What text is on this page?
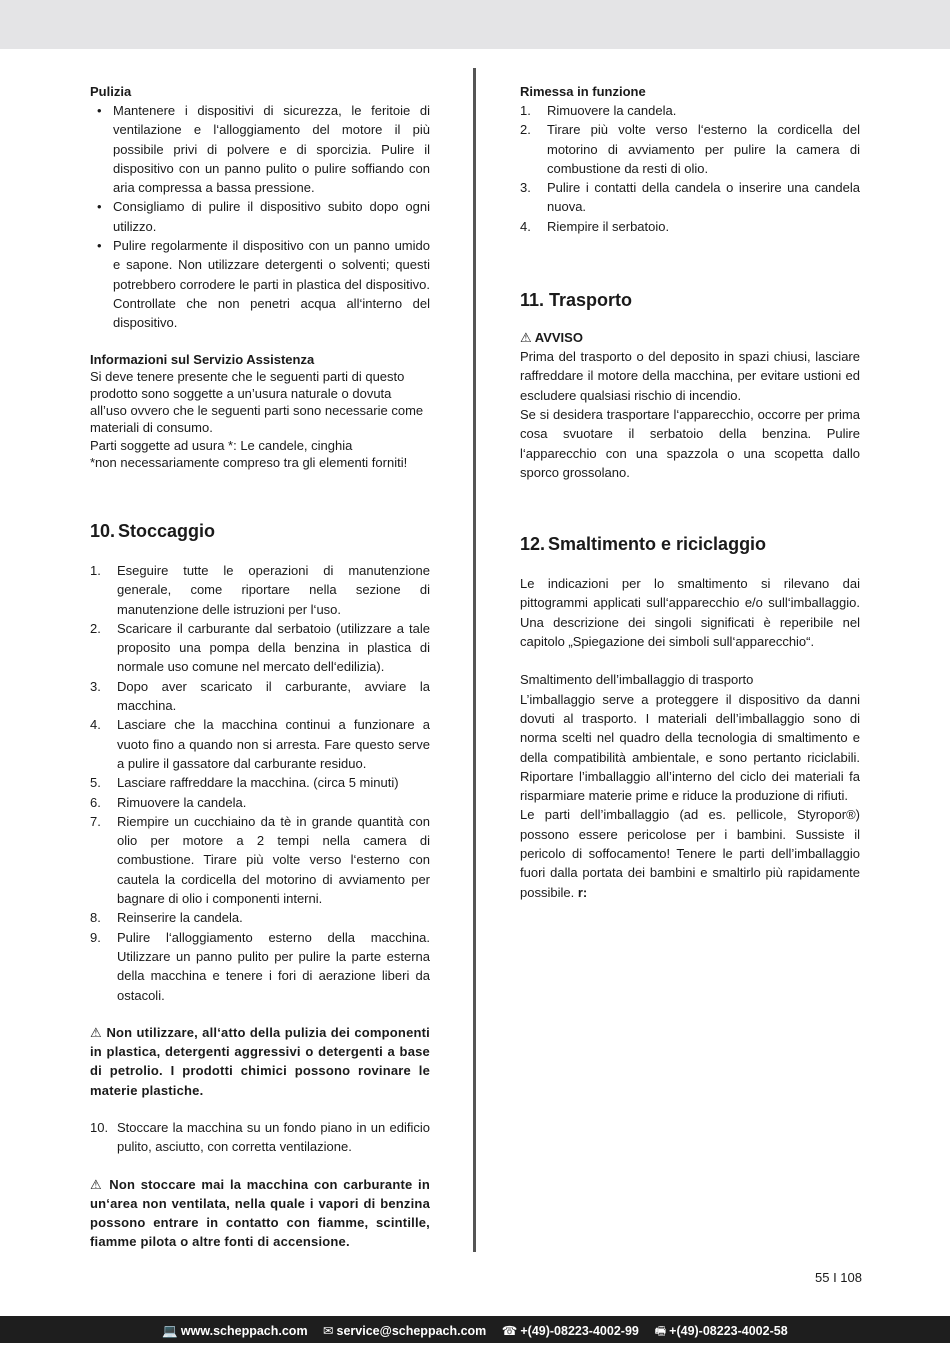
Pulizia

• Mantenere i dispositivi di sicurezza, le feritoie di ventilazione e l‘alloggiamento del motore il più possibile privi di polvere e di sporcizia. Pulire il dispositivo con un panno pulito o pulire soffiando con aria compressa a bassa pressione.
• Consigliamo di pulire il dispositivo subito dopo ogni utilizzo.
• Pulire regolarmente il dispositivo con un panno umido e sapone. Non utilizzare detergenti o solventi; questi potrebbero corrodere le parti in plastica del dispositivo. Controllate che non penetri acqua all‘interno del dispositivo.

Informazioni sul Servizio Assistenza

Si deve tenere presente che le seguenti parti di questo prodotto sono soggette a un’usura naturale o dovuta all’uso ovvero che le seguenti parti sono necessarie come materiali di consumo.

Parti soggette ad usura *: Le candele, cinghia

*non necessariamente compreso tra gli elementi forniti!

10. Stoccaggio
1. Eseguire tutte le operazioni di manutenzione generale, come riportare nella sezione di manutenzione delle istruzioni per l‘uso.
2. Scaricare il carburante dal serbatoio (utilizzare a tale proposito una pompa della benzina in plastica di normale uso comune nel mercato dell‘edilizia).
3. Dopo aver scaricato il carburante, avviare la macchina.
4. Lasciare che la macchina continui a funzionare a vuoto fino a quando non si arresta. Fare questo serve a pulire il gassatore dal carburante residuo.
5. Lasciare raffreddare la macchina. (circa 5 minuti)
6. Rimuovere la candela.
7. Riempire un cucchiaino da tè in grande quantità con olio per motore a 2 tempi nella camera di combustione. Tirare più volte verso l‘esterno con cautela la cordicella del motorino di avviamento per bagnare di olio i componenti interni.
8. Reinserire la candela.
9. Pulire l‘alloggiamento esterno della macchina. Utilizzare un panno pulito per pulire la parte esterna della macchina e tenere i fori di aerazione liberi da ostacoli.

⚠ Non utilizzare, all‘atto della pulizia dei componenti in plastica, detergenti aggressivi o detergenti a base di petrolio. I prodotti chimici possono rovinare le materie plastiche.

10. Stoccare la macchina su un fondo piano in un edificio pulito, asciutto, con corretta ventilazione.

⚠ Non stoccare mai la macchina con carburante in un‘area non ventilata, nella quale i vapori di benzina possono entrare in contatto con fiamme, scintille, fiamme pilota o altre fonti di accensione.

Rimessa in funzione

1. Rimuovere la candela.
2. Tirare più volte verso l‘esterno la cordicella del motorino di avviamento per pulire la camera di combustione da resti di olio.
3. Pulire i contatti della candela o inserire una candela nuova.
4. Riempire il serbatoio.
11. Trasporto

⚠ AVVISO

Prima del trasporto o del deposito in spazi chiusi, lasciare raffreddare il motore della macchina, per evitare ustioni ed escludere qualsiasi rischio di incendio.

Se si desidera trasportare l‘apparecchio, occorre per prima cosa svuotare il serbatoio della benzina. Pulire l‘apparecchio con una spazzola o una scopetta dallo sporco grossolano.

12. Smaltimento e riciclaggio

Le indicazioni per lo smaltimento si rilevano dai pittogrammi applicati sull‘apparecchio e/o sull‘imballaggio. Una descrizione dei singoli significati è reperibile nel capitolo „Spiegazione dei simboli sull‘apparecchio“.

Smaltimento dell’imballaggio di trasporto

L’imballaggio serve a proteggere il dispositivo da danni dovuti al trasporto. I materiali dell’imballaggio sono di norma scelti nel quadro della tecnologia di smaltimento e della compatibilità ambientale, e sono pertanto riciclabili. Riportare l’imballaggio all’interno del ciclo dei materiali fa risparmiare materie prime e riduce la produzione di rifiuti.

Le parti dell’imballaggio (ad es. pellicole, Styropor®) possono essere pericolose per i bambini. Sussiste il pericolo di soffocamento! Tenere le parti dell’imballaggio fuori dalla portata dei bambini e smaltirlo più rapidamente possibile. r:

55 I 108
💻 www.scheppach.com ✉ service@scheppach.com ☎ +(49)-08223-4002-99 🖷 +(49)-08223-4002-58
